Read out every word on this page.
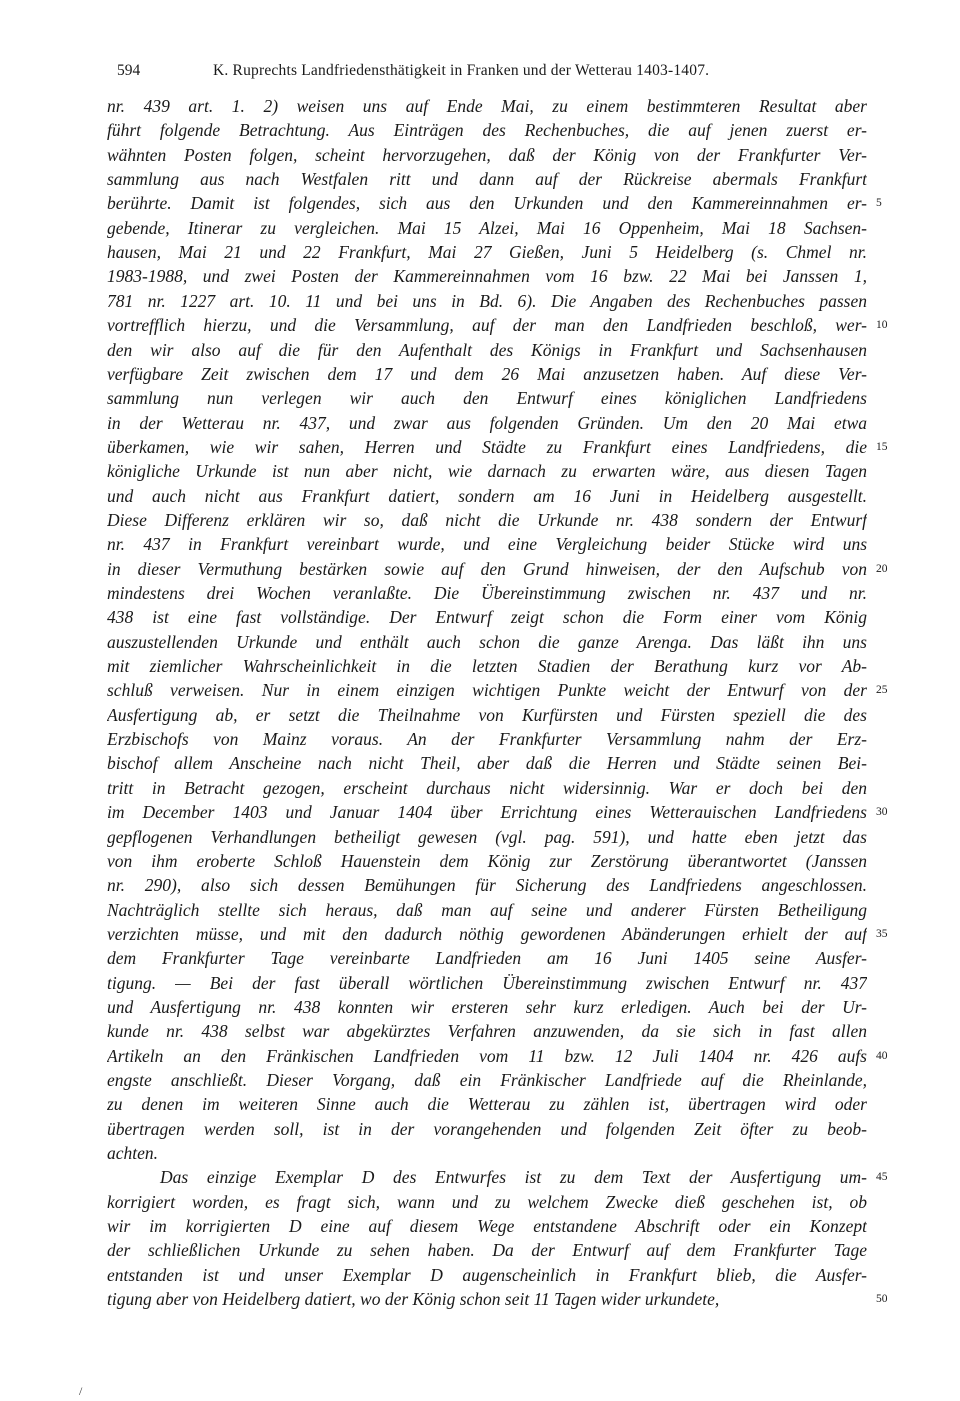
594	K. Ruprechts Landfriedensthätigkeit in Franken und der Wetterau 1403-1407.
nr. 439 art. 1. 2) weisen uns auf Ende Mai, zu einem bestimmteren Resultat aber
führt folgende Betrachtung. Aus Einträgen des Rechenbuches, die auf jenen zuerst er-
wähnten Posten folgen, scheint hervorzugehen, daß der König von der Frankfurter Ver-
sammlung aus nach Westfalen ritt und dann auf der Rückreise abermals Frankfurt
berührte. Damit ist folgendes, sich aus den Urkunden und den Kammereinnahmen er-
gebende, Itinerar zu vergleichen. Mai 15 Alzei, Mai 16 Oppenheim, Mai 18 Sachsen-
hausen, Mai 21 und 22 Frankfurt, Mai 27 Gießen, Juni 5 Heidelberg (s. Chmel nr.
1983-1988, und zwei Posten der Kammereinnahmen vom 16 bzw. 22 Mai bei Janssen 1,
781 nr. 1227 art. 10. 11 und bei uns in Bd. 6). Die Angaben des Rechenbuches passen
vortrefflich hierzu, und die Versammlung, auf der man den Landfrieden beschloß, wer-
den wir also auf die für den Aufenthalt des Königs in Frankfurt und Sachsenhausen
verfügbare Zeit zwischen dem 17 und dem 26 Mai anzusetzen haben. Auf diese Ver-
sammlung nun verlegen wir auch den Entwurf eines königlichen Landfriedens
in der Wetterau nr. 437, und zwar aus folgenden Gründen. Um den 20 Mai etwa
überkamen, wie wir sahen, Herren und Städte zu Frankfurt eines Landfriedens, die
königliche Urkunde ist nun aber nicht, wie darnach zu erwarten wäre, aus diesen Tagen
und auch nicht aus Frankfurt datiert, sondern am 16 Juni in Heidelberg ausgestellt.
Diese Differenz erklären wir so, daß nicht die Urkunde nr. 438 sondern der Entwurf
nr. 437 in Frankfurt vereinbart wurde, und eine Vergleichung beider Stücke wird uns
in dieser Vermuthung bestärken sowie auf den Grund hinweisen, der den Aufschub von
mindestens drei Wochen veranlaßte. Die Übereinstimmung zwischen nr. 437 und nr.
438 ist eine fast vollständige. Der Entwurf zeigt schon die Form einer vom König
auszustellenden Urkunde und enthält auch schon die ganze Arenga. Das läßt ihn uns
mit ziemlicher Wahrscheinlichkeit in die letzten Stadien der Berathung kurz vor Ab-
schluß verweisen. Nur in einem einzigen wichtigen Punkte weicht der Entwurf von der
Ausfertigung ab, er setzt die Theilnahme von Kurfürsten und Fürsten speziell die des
Erzbischofs von Mainz voraus. An der Frankfurter Versammlung nahm der Erz-
bischof allem Anscheine nach nicht Theil, aber daß die Herren und Städte seinen Bei-
tritt in Betracht gezogen, erscheint durchaus nicht widersinnig. War er doch bei den
im December 1403 und Januar 1404 über Errichtung eines Wetterauischen Landfriedens
gepflogenen Verhandlungen betheiligt gewesen (vgl. pag. 591), und hatte eben jetzt das
von ihm eroberte Schloß Hauenstein dem König zur Zerstörung überantwortet (Janssen
nr. 290), also sich dessen Bemühungen für Sicherung des Landfriedens angeschlossen.
Nachträglich stellte sich heraus, daß man auf seine und anderer Fürsten Betheiligung
verzichten müsse, und mit den dadurch nöthig gewordenen Abänderungen erhielt der auf
dem Frankfurter Tage vereinbarte Landfrieden am 16 Juni 1405 seine Ausfer-
tigung. — Bei der fast überall wörtlichen Übereinstimmung zwischen Entwurf nr. 437
und Ausfertigung nr. 438 konnten wir ersteren sehr kurz erledigen. Auch bei der Ur-
kunde nr. 438 selbst war abgekürztes Verfahren anzuwenden, da sie sich in fast allen
Artikeln an den Fränkischen Landfrieden vom 11 bzw. 12 Juli 1404 nr. 426 aufs
engste anschließt. Dieser Vorgang, daß ein Fränkischer Landfriede auf die Rheinlande,
zu denen im weiteren Sinne auch die Wetterau zu zählen ist, übertragen wird oder
übertragen werden soll, ist in der vorangehenden und folgenden Zeit öfter zu beob-
achten.
Das einzige Exemplar D des Entwurfes ist zu dem Text der Ausfertigung um-
korrigiert worden, es fragt sich, wann und zu welchem Zwecke dieß geschehen ist, ob
wir im korrigierten D eine auf diesem Wege entstandene Abschrift oder ein Konzept
der schließlichen Urkunde zu sehen haben. Da der Entwurf auf dem Frankfurter Tage
entstanden ist und unser Exemplar D augenscheinlich in Frankfurt blieb, die Ausfer-
tigung aber von Heidelberg datiert, wo der König schon seit 11 Tagen wider urkundete,
5
10
15
20
25
30
35
40
45
50
/
